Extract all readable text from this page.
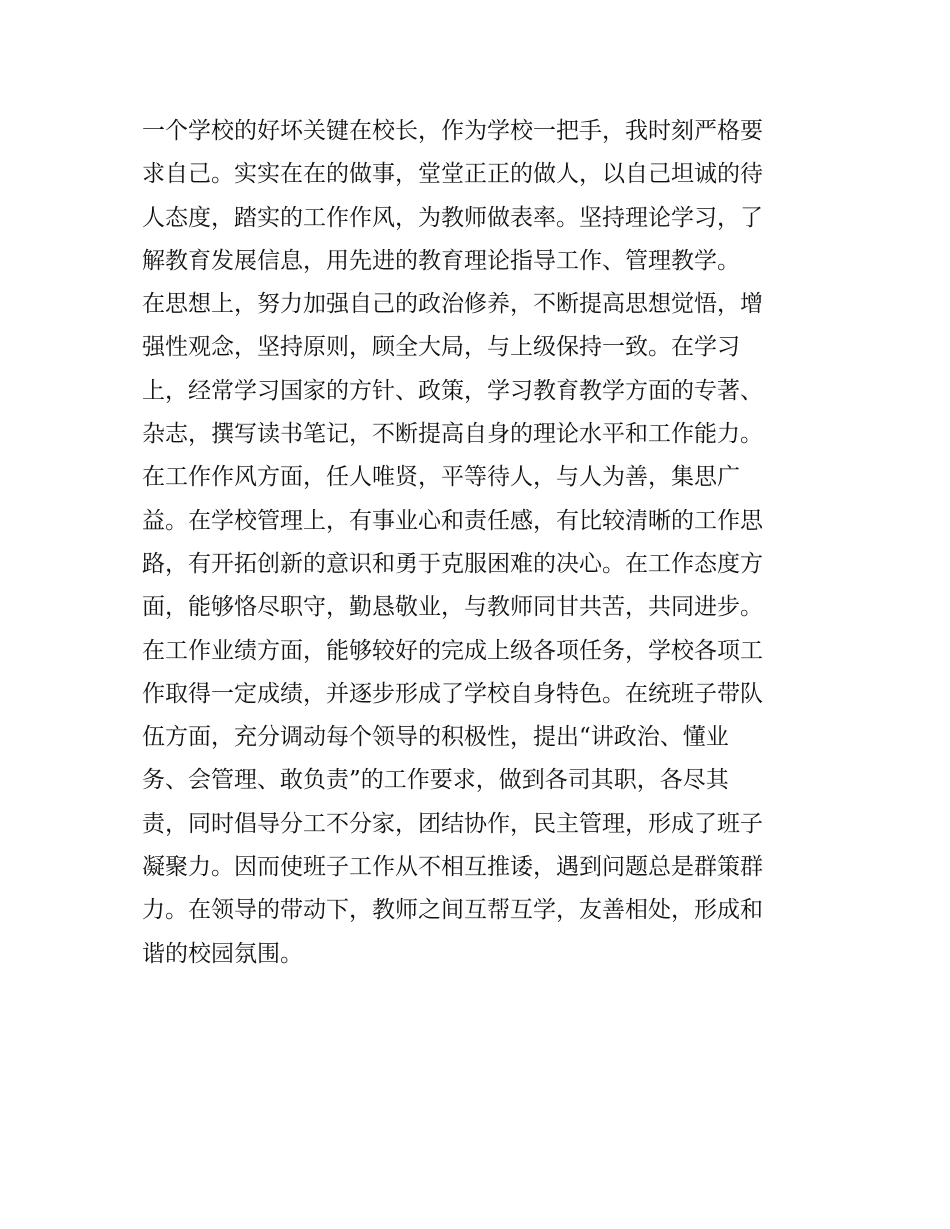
一个学校的好坏关键在校长，作为学校一把手，我时刻严格要
求自己。实实在在的做事，堂堂正正的做人，以自己坦诚的待
人态度，踏实的工作作风，为教师做表率。坚持理论学习，了
解教育发展信息，用先进的教育理论指导工作、管理教学。
在思想上，努力加强自己的政治修养，不断提高思想觉悟，增
强性观念，坚持原则，顾全大局，与上级保持一致。在学习
上，经常学习国家的方针、政策，学习教育教学方面的专著、
杂志，撰写读书笔记，不断提高自身的理论水平和工作能力。
在工作作风方面，任人唯贤，平等待人，与人为善，集思广
益。在学校管理上，有事业心和责任感，有比较清晰的工作思
路，有开拓创新的意识和勇于克服困难的决心。在工作态度方
面，能够恪尽职守，勤恳敬业，与教师同甘共苦，共同进步。
在工作业绩方面，能够较好的完成上级各项任务，学校各项工
作取得一定成绩，并逐步形成了学校自身特色。在统班子带队
伍方面，充分调动每个领导的积极性，提出“讲政治、懂业
务、会管理、敢负责”的工作要求，做到各司其职，各尽其
责，同时倡导分工不分家，团结协作，民主管理，形成了班子
凝聚力。因而使班子工作从不相互推诿，遇到问题总是群策群
力。在领导的带动下，教师之间互帮互学，友善相处，形成和
谐的校园氛围。
